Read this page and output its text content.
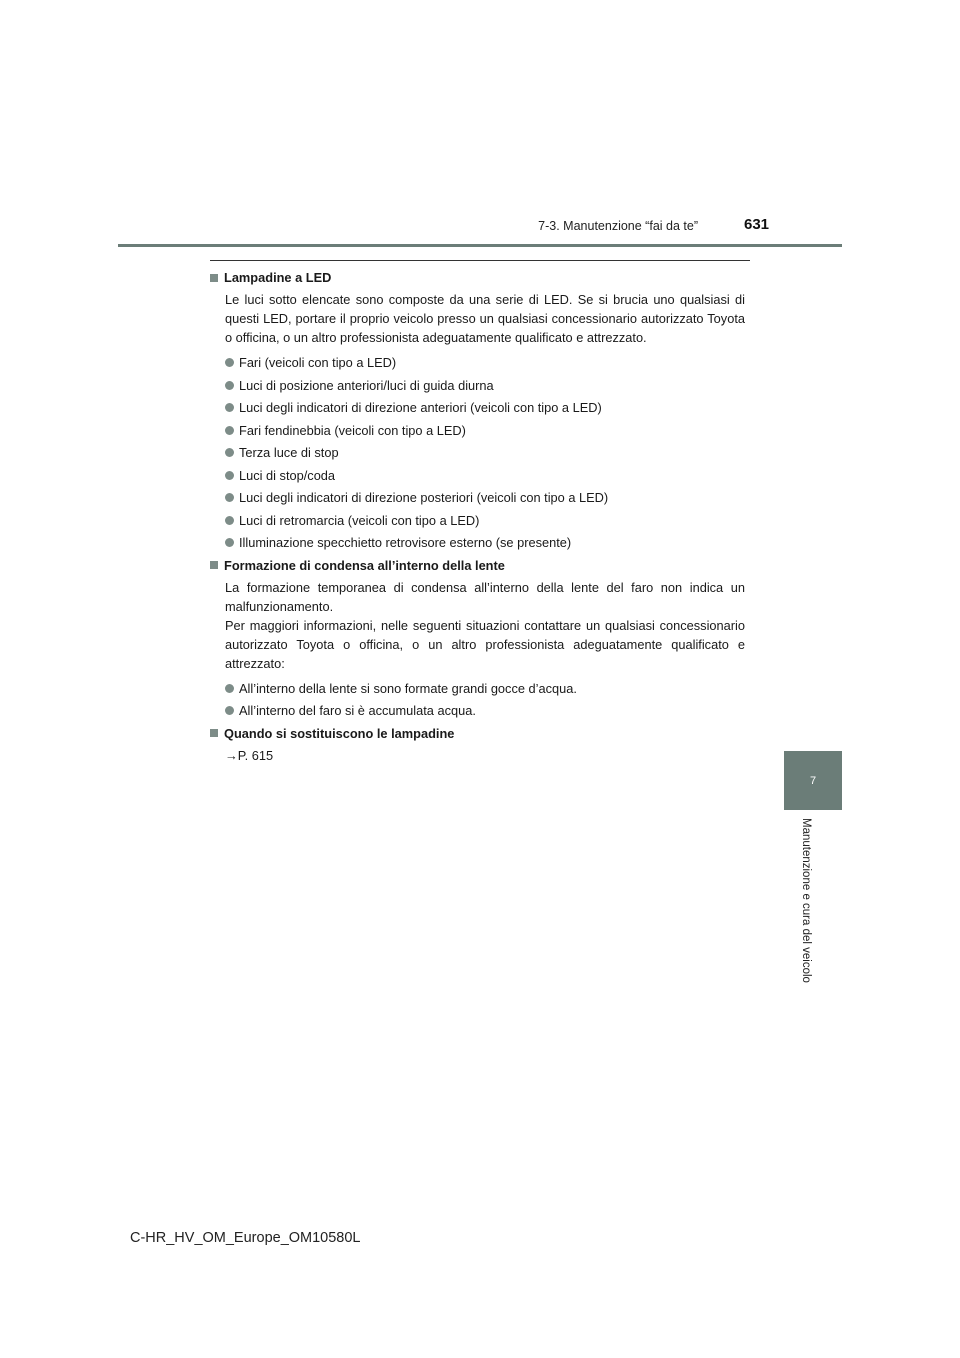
7-3. Manutenzione “fai da te”	631
7
Manutenzione e cura del veicolo
Lampadine a LED
Le luci sotto elencate sono composte da una serie di LED. Se si brucia uno qualsiasi di questi LED, portare il proprio veicolo presso un qualsiasi concessionario autorizzato Toyota o officina, o un altro professionista adeguatamente qualificato e attrezzato.
Fari (veicoli con tipo a LED)
Luci di posizione anteriori/luci di guida diurna
Luci degli indicatori di direzione anteriori (veicoli con tipo a LED)
Fari fendinebbia (veicoli con tipo a LED)
Terza luce di stop
Luci di stop/coda
Luci degli indicatori di direzione posteriori (veicoli con tipo a LED)
Luci di retromarcia (veicoli con tipo a LED)
Illuminazione specchietto retrovisore esterno (se presente)
Formazione di condensa all’interno della lente
La formazione temporanea di condensa all’interno della lente del faro non indica un malfunzionamento.
Per maggiori informazioni, nelle seguenti situazioni contattare un qualsiasi concessionario autorizzato Toyota o officina, o un altro professionista adeguatamente qualificato e attrezzato:
All’interno della lente si sono formate grandi gocce d’acqua.
All’interno del faro si è accumulata acqua.
Quando si sostituiscono le lampadine
→P. 615
C-HR_HV_OM_Europe_OM10580L
